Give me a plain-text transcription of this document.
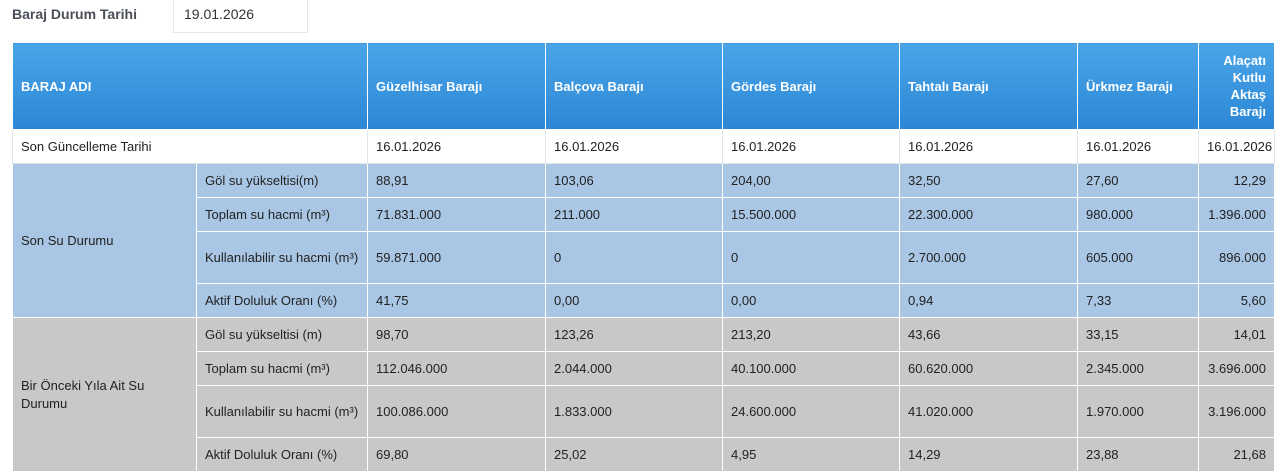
Baraj Durum Tarihi	19.01.2026
BARAJ ADI		Güzelhisar Barajı	Balçova Barajı	Gördes Barajı	Tahtalı Barajı	Ürkmez Barajı	Alaçatı Kutlu Aktaş Barajı
Son Güncelleme Tarihi		16.01.2026	16.01.2026	16.01.2026	16.01.2026	16.01.2026	16.01.2026
Son Su Durumu	Göl su yükseltisi(m)	88,91	103,06	204,00	32,50	27,60	12,29
	Toplam su hacmi (m³)	71.831.000	211.000	15.500.000	22.300.000	980.000	1.396.000
	Kullanılabilir su hacmi (m³)	59.871.000	0	0	2.700.000	605.000	896.000
	Aktif Doluluk Oranı (%)	41,75	0,00	0,00	0,94	7,33	5,60
Bir Önceki Yıla Ait Su Durumu	Göl su yükseltisi (m)	98,70	123,26	213,20	43,66	33,15	14,01
	Toplam su hacmi (m³)	112.046.000	2.044.000	40.100.000	60.620.000	2.345.000	3.696.000
	Kullanılabilir su hacmi (m³)	100.086.000	1.833.000	24.600.000	41.020.000	1.970.000	3.196.000
	Aktif Doluluk Oranı (%)	69,80	25,02	4,95	14,29	23,88	21,68
